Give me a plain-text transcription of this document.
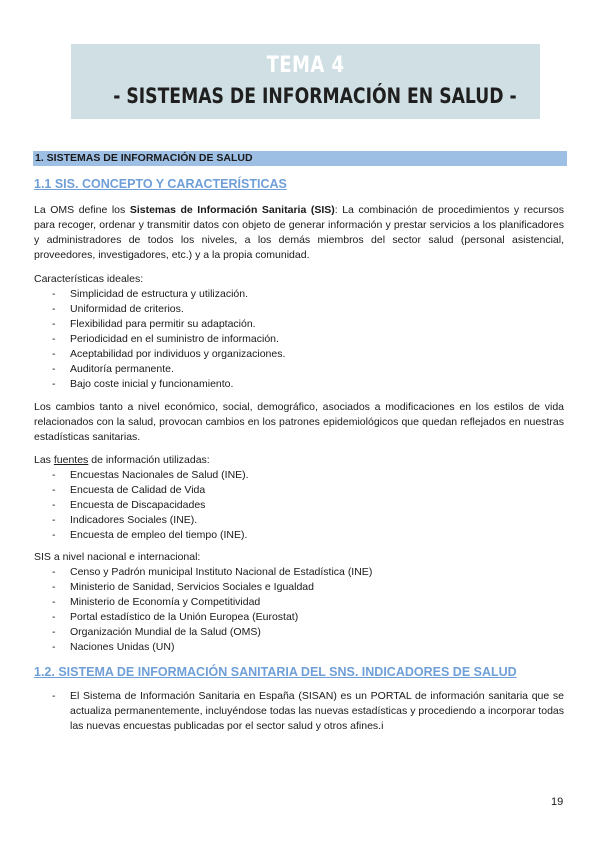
TEMA 4
- SISTEMAS DE INFORMACIÓN EN SALUD -
1. SISTEMAS DE INFORMACIÓN DE SALUD
1.1 SIS. CONCEPTO Y CARACTERÍSTICAS
La OMS define los Sistemas de Información Sanitaria (SIS): La combinación de procedimientos y recursos para recoger, ordenar y transmitir datos con objeto de generar información y prestar servicios a los planificadores y administradores de todos los niveles, a los demás miembros del sector salud (personal asistencial, proveedores, investigadores, etc.) y a la propia comunidad.
Características ideales:
- Simplicidad de estructura y utilización.
- Uniformidad de criterios.
- Flexibilidad para permitir su adaptación.
- Periodicidad en el suministro de información.
- Aceptabilidad por individuos y organizaciones.
- Auditoría permanente.
- Bajo coste inicial y funcionamiento.
Los cambios tanto a nivel económico, social, demográfico, asociados a modificaciones en los estilos de vida relacionados con la salud, provocan cambios en los patrones epidemiológicos que quedan reflejados en nuestras estadísticas sanitarias.
Las fuentes de información utilizadas:
- Encuestas Nacionales de Salud (INE).
- Encuesta de Calidad de Vida
- Encuesta de Discapacidades
- Indicadores Sociales (INE).
- Encuesta de empleo del tiempo (INE).
SIS a nivel nacional e internacional:
- Censo y Padrón municipal Instituto Nacional de Estadística (INE)
- Ministerio de Sanidad, Servicios Sociales e Igualdad
- Ministerio de Economía y Competitividad
- Portal estadístico de la Unión Europea (Eurostat)
- Organización Mundial de la Salud (OMS)
- Naciones Unidas (UN)
1.2. SISTEMA DE INFORMACIÓN SANITARIA DEL SNS. INDICADORES DE SALUD
- El Sistema de Información Sanitaria en España (SISAN) es un PORTAL de información sanitaria que se actualiza permanentemente, incluyéndose todas las nuevas estadísticas y procediendo a incorporar todas las nuevas encuestas publicadas por el sector salud y otros afines.i
19
